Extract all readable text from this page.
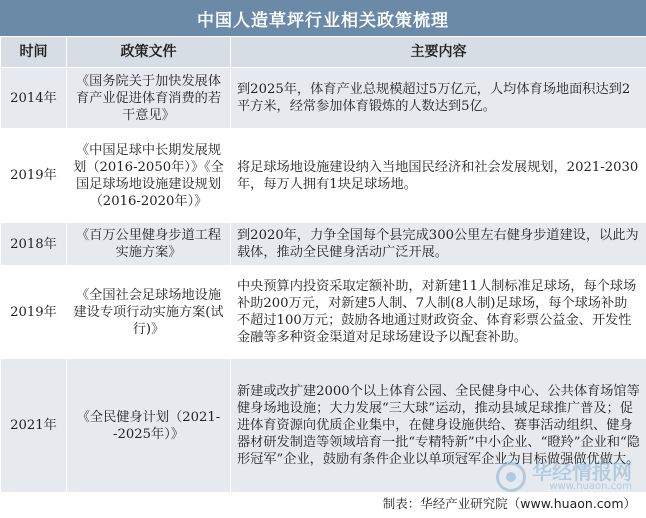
中国人造草坪行业相关政策梳理
时间	政策文件	主要内容
2014年	《国务院关于加快发展体育产业促进体育消费的若干意见》	到2025年，体育产业总规模超过5万亿元，人均体育场地面积达到2平方米，经常参加体育锻炼的人数达到5亿。
2019年	《中国足球中长期发展规划（2016-2050年）》《全国足球场地设施建设规划（2016-2020年）》	将足球场地设施建设纳入当地国民经济和社会发展规划，2021-2030年，每万人拥有1块足球场地。
2018年	《百万公里健身步道工程实施方案》	到2020年，力争全国每个县完成300公里左右健身步道建设，以此为载体，推动全民健身活动广泛开展。
2019年	《全国社会足球场地设施建设专项行动实施方案(试行)》	中央预算内投资采取定额补助，对新建11人制标准足球场，每个球场补助200万元，对新建5人制、7人制(8人制)足球场，每个球场补助不超过100万元；鼓励各地通过财政资金、体育彩票公益金、开发性金融等多种资金渠道对足球场建设予以配套补助。
2021年	《全民健身计划（2021--2025年）》	新建或改扩建2000个以上体育公园、全民健身中心、公共体育场馆等健身场地设施；大力发展“三大球”运动，推动县域足球推广普及；促进体育资源向优质企业集中，在健身设施供给、赛事活动组织、健身器材研发制造等领域培育一批“专精特新”中小企业、“瞪羚”企业和“隐形冠军”企业，鼓励有条件企业以单项冠军企业为目标做强做优做大。
华经情报网
www.huaon.com
制表：华经产业研究院（www.huaon.com）
